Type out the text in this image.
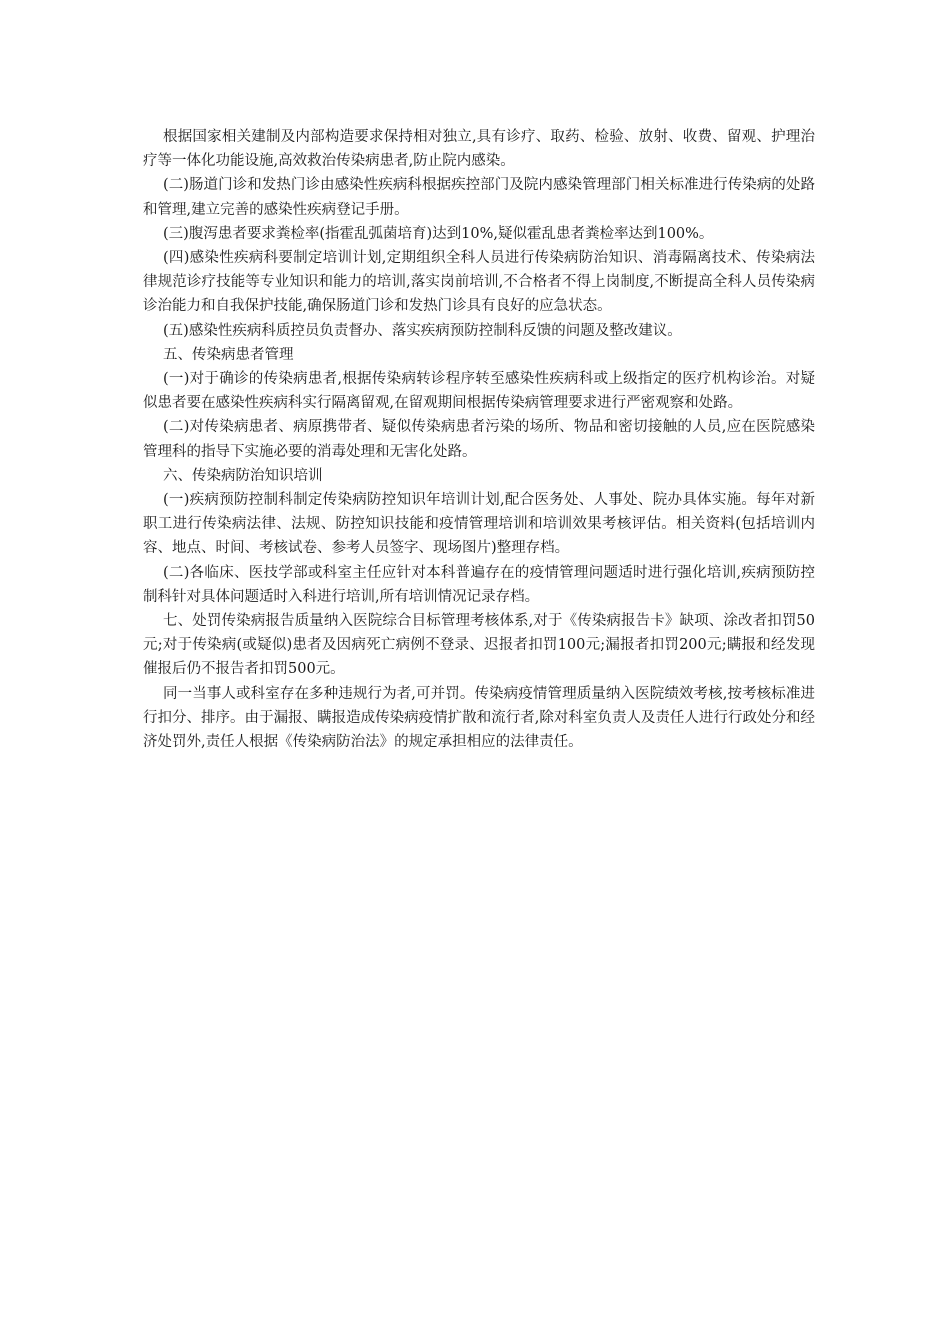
根据国家相关建制及内部构造要求保持相对独立,具有诊疗、取药、检验、放射、收费、留观、护理治疗等一体化功能设施,高效救治传染病患者,防止院内感染。

(二)肠道门诊和发热门诊由感染性疾病科根据疾控部门及院内感染管理部门相关标准进行传染病的处路和管理,建立完善的感染性疾病登记手册。

(三)腹泻患者要求粪检率(指霍乱弧菌培育)达到10%,疑似霍乱患者粪检率达到100%。

(四)感染性疾病科要制定培训计划,定期组织全科人员进行传染病防治知识、消毒隔离技术、传染病法律规范诊疗技能等专业知识和能力的培训,落实岗前培训,不合格者不得上岗制度,不断提高全科人员传染病诊治能力和自我保护技能,确保肠道门诊和发热门诊具有良好的应急状态。

(五)感染性疾病科质控员负责督办、落实疾病预防控制科反馈的问题及整改建议。

五、传染病患者管理

(一)对于确诊的传染病患者,根据传染病转诊程序转至感染性疾病科或上级指定的医疗机构诊治。对疑似患者要在感染性疾病科实行隔离留观,在留观期间根据传染病管理要求进行严密观察和处路。

(二)对传染病患者、病原携带者、疑似传染病患者污染的场所、物品和密切接触的人员,应在医院感染管理科的指导下实施必要的消毒处理和无害化处路。

六、传染病防治知识培训

(一)疾病预防控制科制定传染病防控知识年培训计划,配合医务处、人事处、院办具体实施。每年对新职工进行传染病法律、法规、防控知识技能和疫情管理培训和培训效果考核评估。相关资料(包括培训内容、地点、时间、考核试卷、参考人员签字、现场图片)整理存档。

(二)各临床、医技学部或科室主任应针对本科普遍存在的疫情管理问题适时进行强化培训,疾病预防控制科针对具体问题适时入科进行培训,所有培训情况记录存档。

七、处罚传染病报告质量纳入医院综合目标管理考核体系,对于《传染病报告卡》缺项、涂改者扣罚50元;对于传染病(或疑似)患者及因病死亡病例不登录、迟报者扣罚100元;漏报者扣罚200元;瞒报和经发现催报后仍不报告者扣罚500元。

同一当事人或科室存在多种违规行为者,可并罚。传染病疫情管理质量纳入医院绩效考核,按考核标准进行扣分、排序。由于漏报、瞒报造成传染病疫情扩散和流行者,除对科室负责人及责任人进行行政处分和经济处罚外,责任人根据《传染病防治法》的规定承担相应的法律责任。
